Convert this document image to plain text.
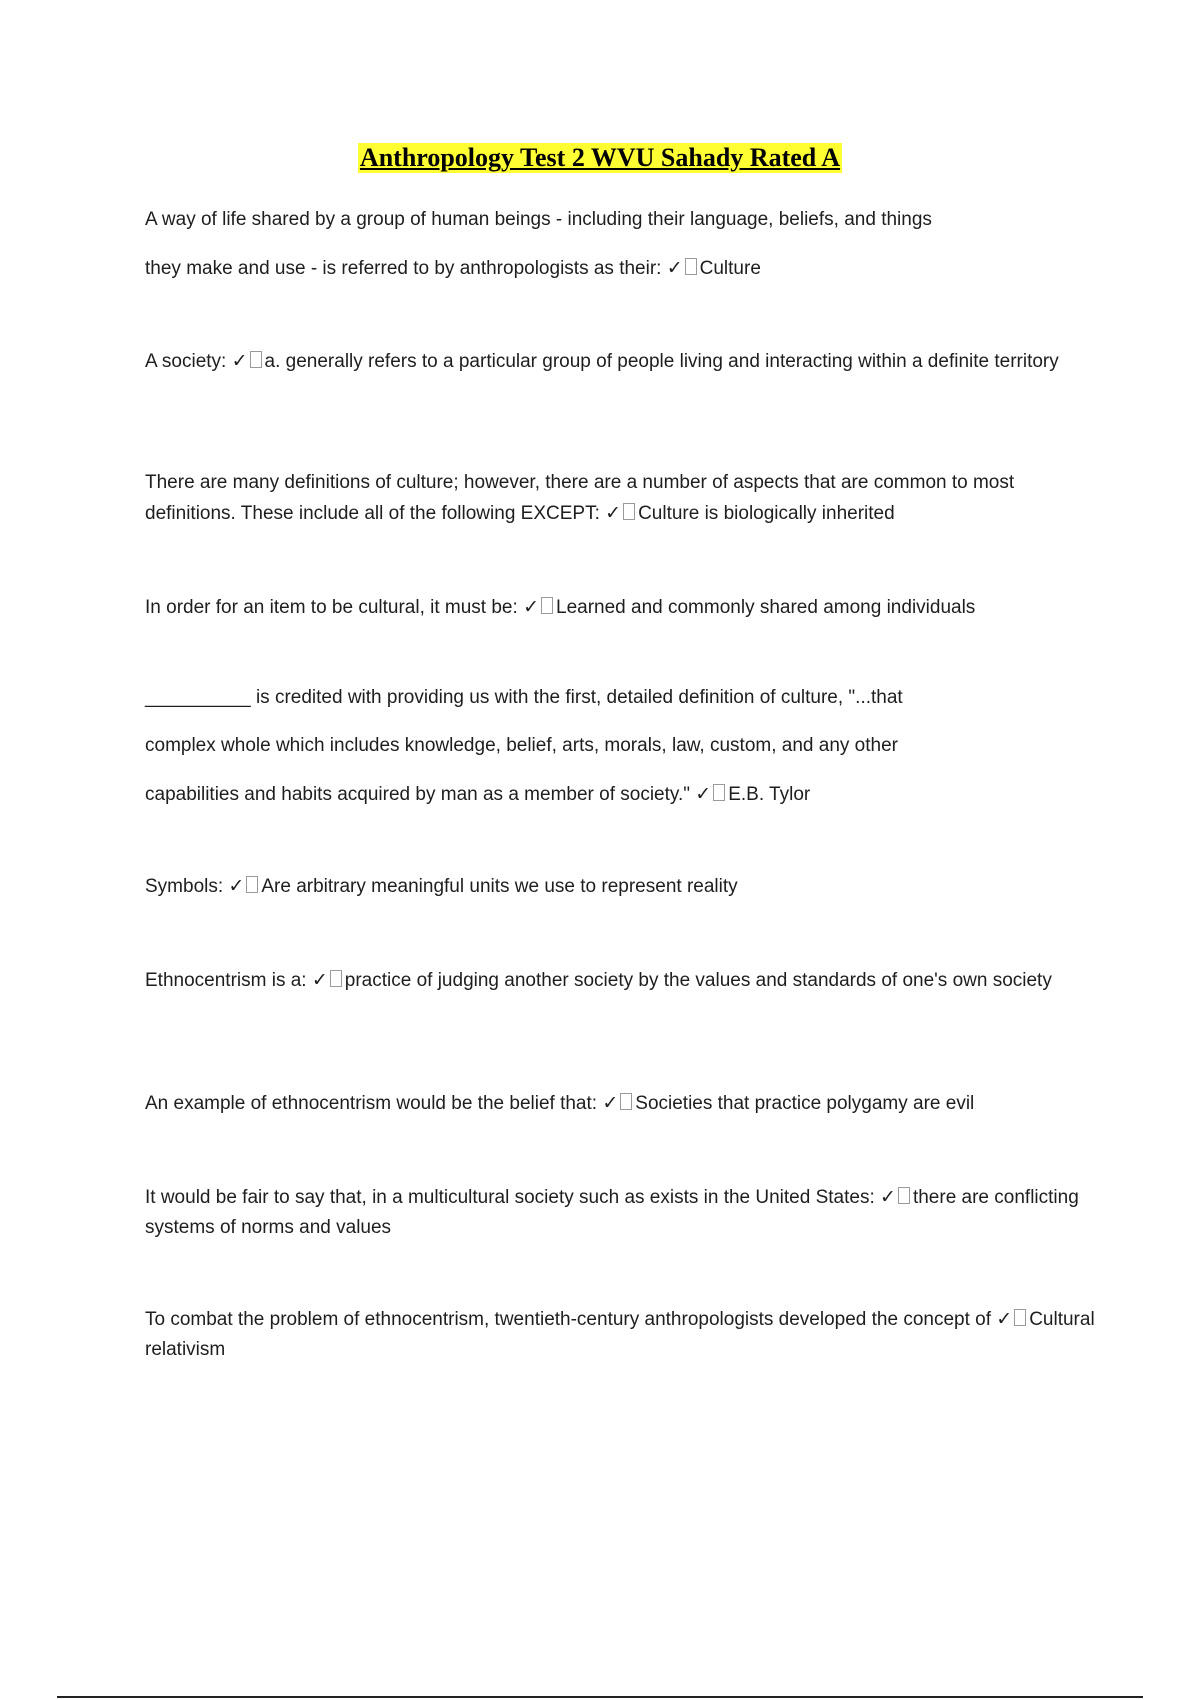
Anthropology Test 2 WVU Sahady Rated A
A way of life shared by a group of human beings - including their language, beliefs, and things
they make and use - is referred to by anthropologists as their: ✓ Culture

A society: ✓ a. generally refers to a particular group of people living and interacting within a definite territory

There are many definitions of culture; however, there are a number of aspects that are common to most definitions. These include all of the following EXCEPT: ✓ Culture is biologically inherited

In order for an item to be cultural, it must be: ✓ Learned and commonly shared among individuals

__________ is credited with providing us with the first, detailed definition of culture, "...that
complex whole which includes knowledge, belief, arts, morals, law, custom, and any other
capabilities and habits acquired by man as a member of society." ✓ E.B. Tylor

Symbols: ✓ Are arbitrary meaningful units we use to represent reality

Ethnocentrism is a: ✓ practice of judging another society by the values and standards of one's own society

An example of ethnocentrism would be the belief that: ✓ Societies that practice polygamy are evil

It would be fair to say that, in a multicultural society such as exists in the United States: ✓ there are conflicting systems of norms and values

To combat the problem of ethnocentrism, twentieth-century anthropologists developed the concept of ✓ Cultural relativism
